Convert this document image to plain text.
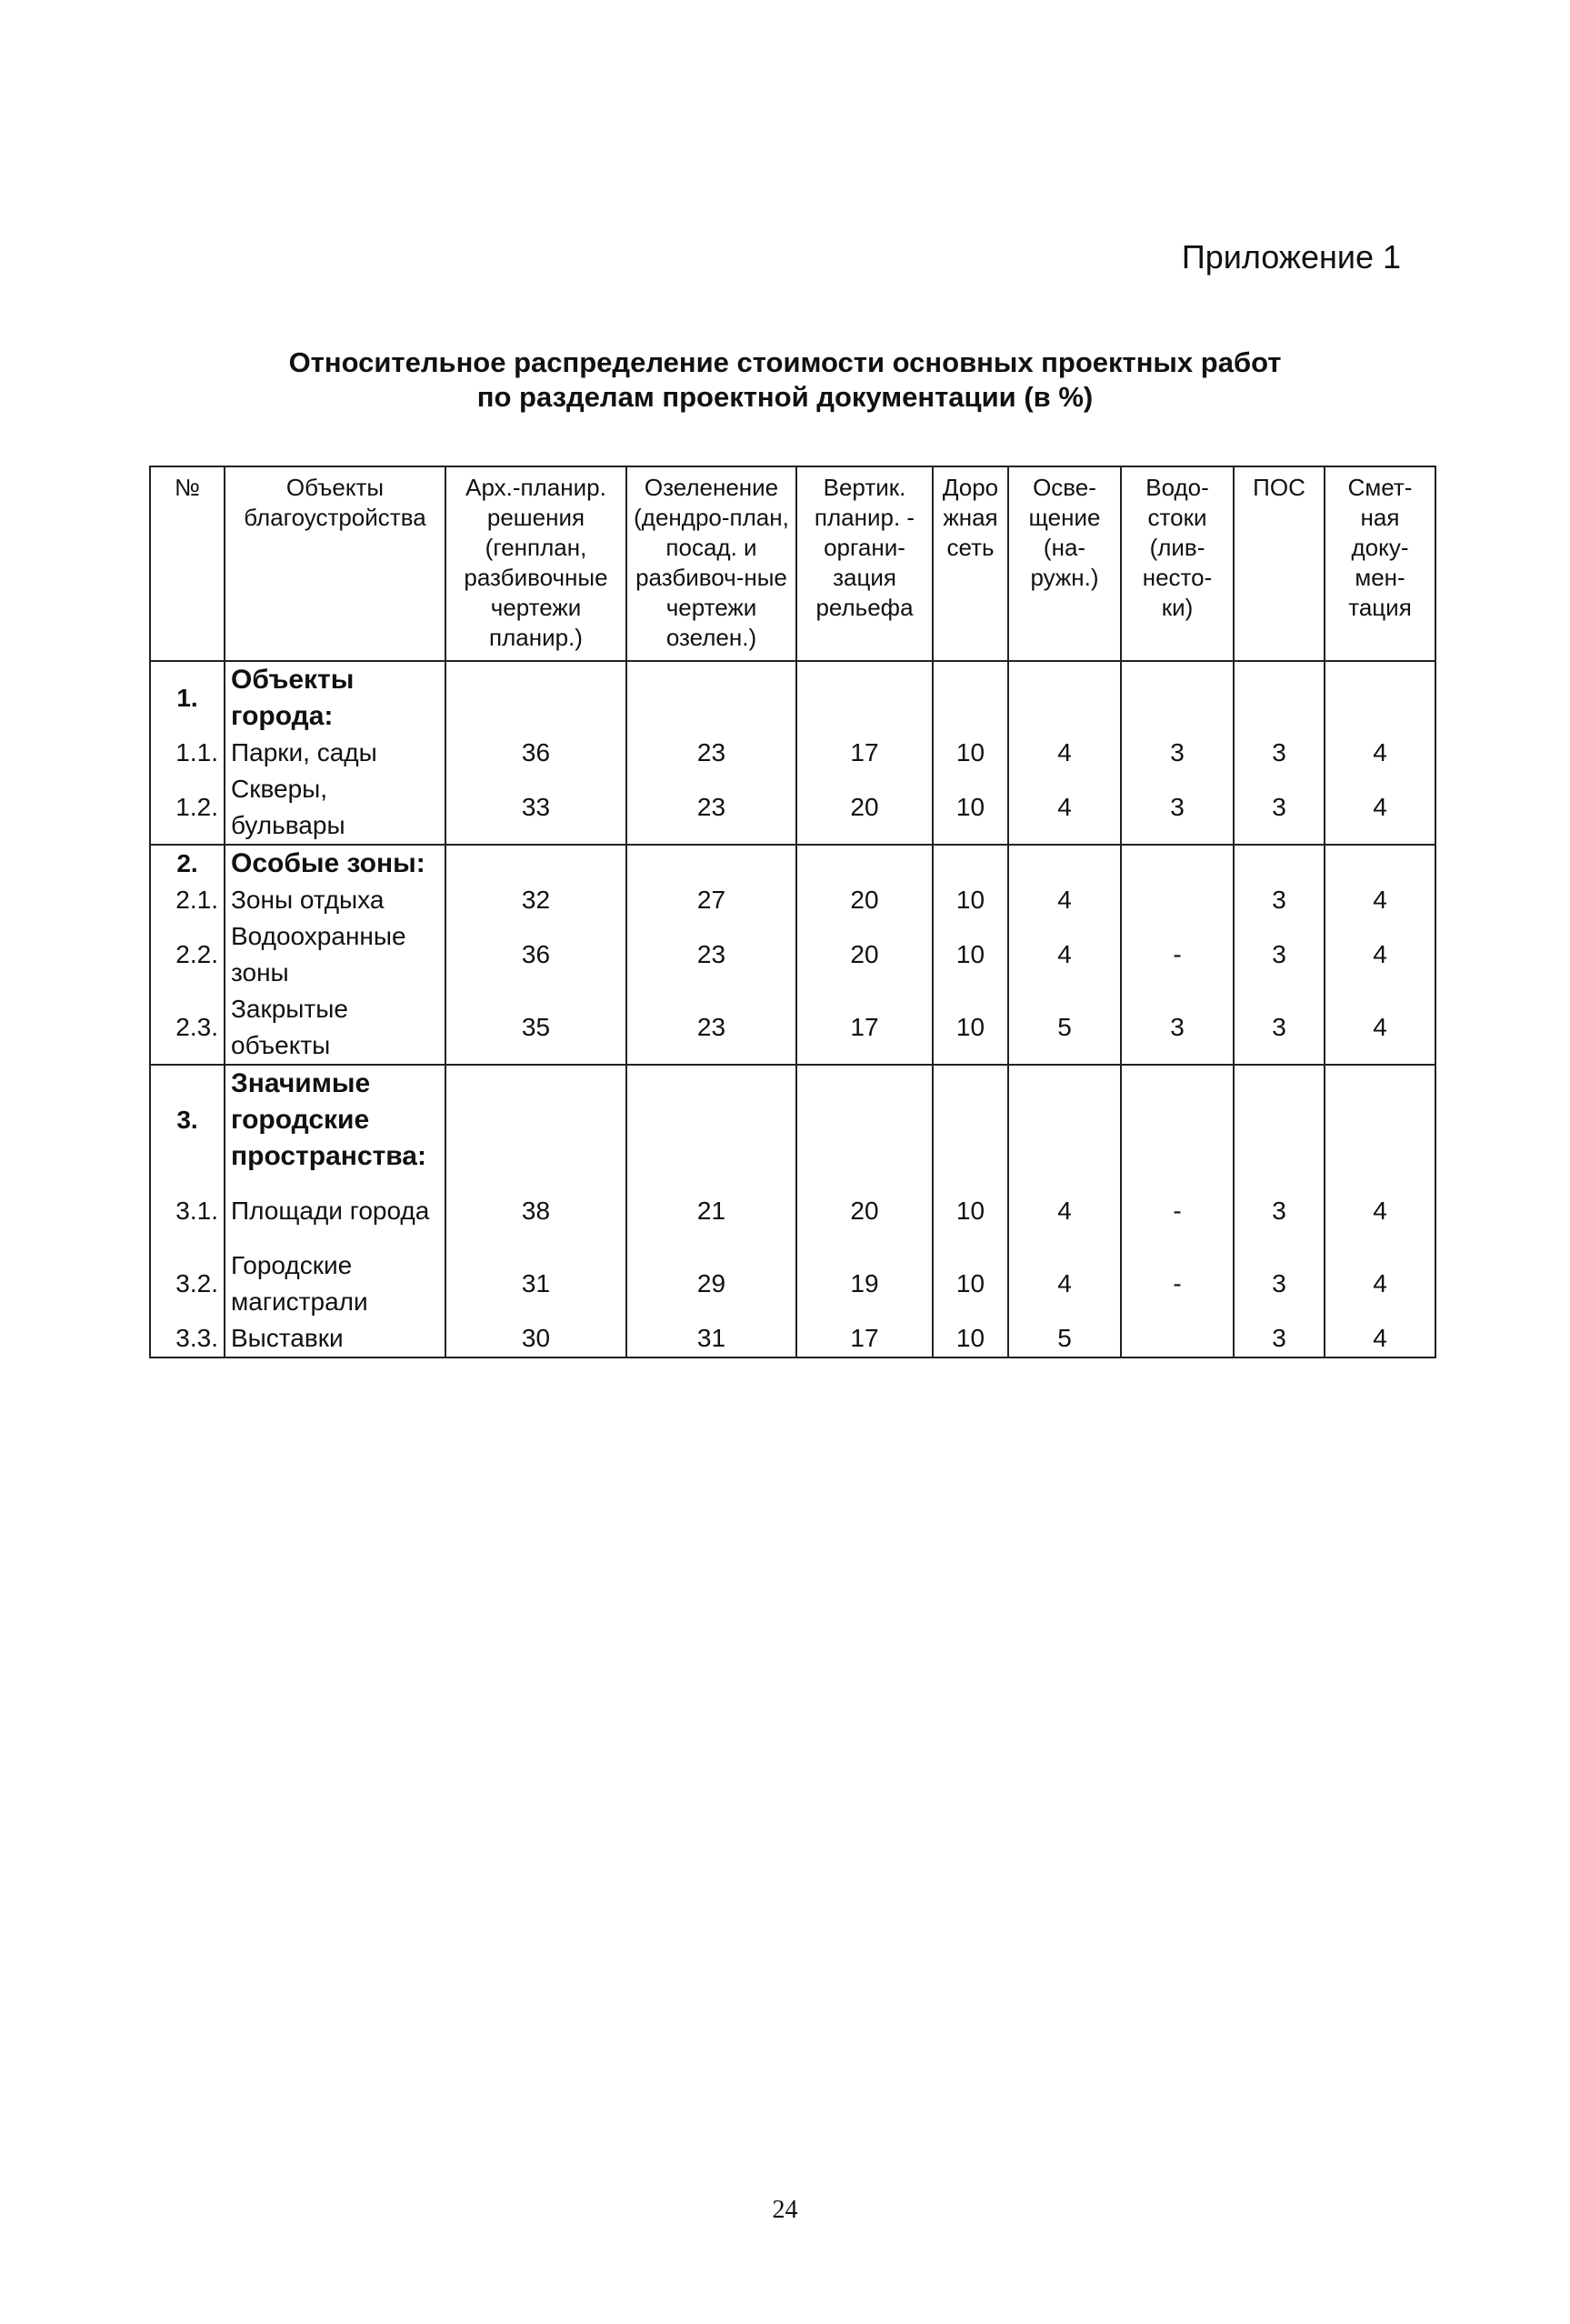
Приложение 1
Относительное распределение стоимости основных проектных работ
по разделам проектной документации (в %)
№	Объекты благоустройства	Арх.-планир. решения (генплан, разбивочные чертежи планир.)	Озеленение (дендро-план, посад. и разбивоч-ные чертежи озелен.)	Вертик. планир. - органи-зация рельефа	Доро жная сеть	Осве-щение (на-ружн.)	Водо-стоки (лив-несто-ки)	ПОС	Смет-ная доку-мен-тация
1.	Объекты города:								
1.1.	Парки, сады	36	23	17	10	4	3	3	4
1.2.	Скверы, бульвары	33	23	20	10	4	3	3	4
2.	Особые зоны:								
2.1.	Зоны отдыха	32	27	20	10	4		3	4
2.2.	Водоохранные зоны	36	23	20	10	4	-	3	4
2.3.	Закрытые объекты	35	23	17	10	5	3	3	4
3.	Значимые городские пространства:								
3.1.	Площади города	38	21	20	10	4	-	3	4
3.2.	Городские магистрали	31	29	19	10	4	-	3	4
3.3.	Выставки	30	31	17	10	5		3	4
24
